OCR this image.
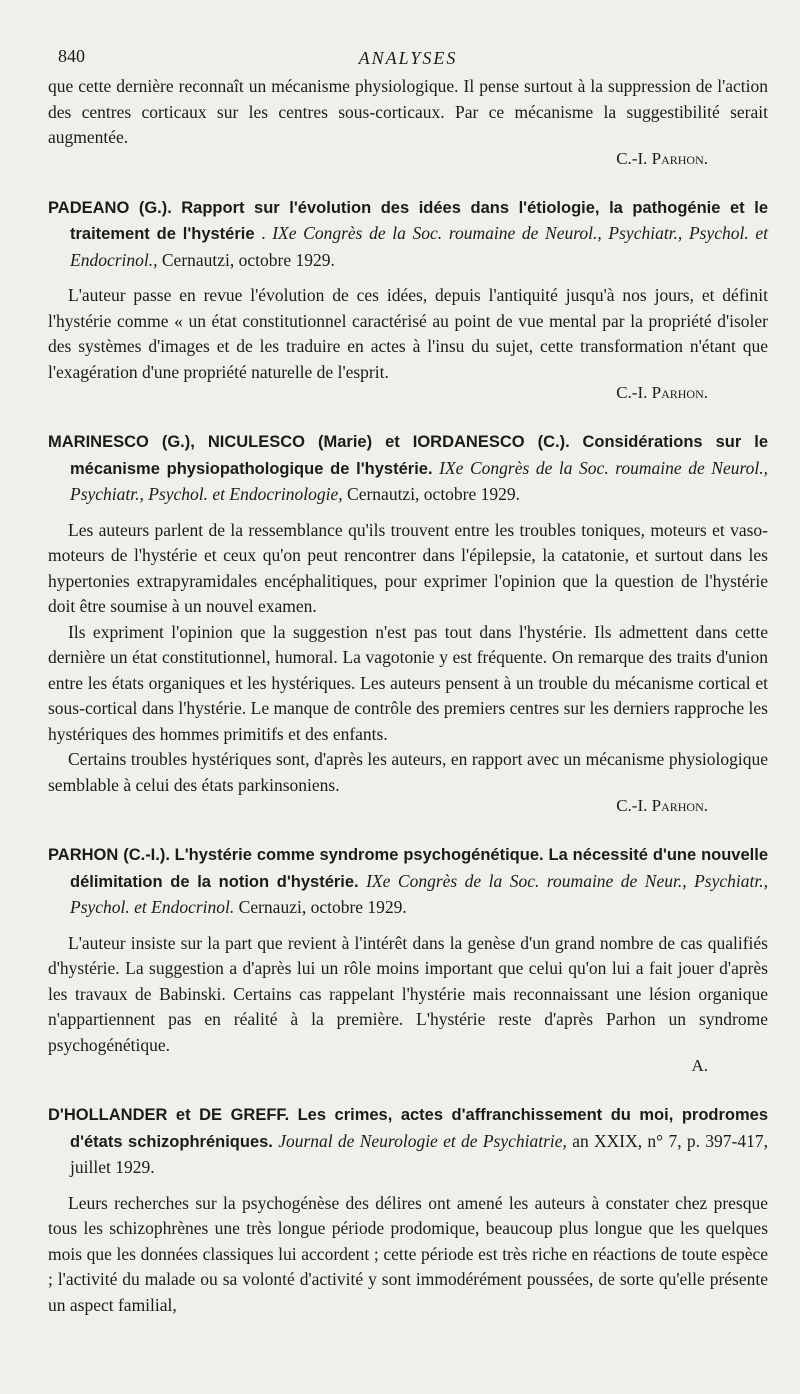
840	ANALYSES

que cette dernière reconnaît un mécanisme physiologique. Il pense surtout à la suppression de l'action des centres corticaux sur les centres sous-corticaux. Par ce mécanisme la suggestibilité serait augmentée.

C.-I. Parhon.

PADEANO (G.). Rapport sur l'évolution des idées dans l'étiologie, la pathogénie et le traitement de l'hystérie . IXe Congrès de la Soc. roumaine de Neurol., Psychiatr., Psychol. et Endocrinol., Cernautzi, octobre 1929.

L'auteur passe en revue l'évolution de ces idées, depuis l'antiquité jusqu'à nos jours, et définit l'hystérie comme « un état constitutionnel caractérisé au point de vue mental par la propriété d'isoler des systèmes d'images et de les traduire en actes à l'insu du sujet, cette transformation n'étant que l'exagération d'une propriété naturelle de l'esprit.

C.-I. Parhon.

MARINESCO (G.), NICULESCO (Marie) et IORDANESCO (C.). Considérations sur le mécanisme physiopathologique de l'hystérie. IXe Congrès de la Soc. roumaine de Neurol., Psychiatr., Psychol. et Endocrinologie, Cernautzi, octobre 1929.

Les auteurs parlent de la ressemblance qu'ils trouvent entre les troubles toniques, moteurs et vaso-moteurs de l'hystérie et ceux qu'on peut rencontrer dans l'épilepsie, la catatonie, et surtout dans les hypertonies extrapyramidales encéphalitiques, pour exprimer l'opinion que la question de l'hystérie doit être soumise à un nouvel examen.

Ils expriment l'opinion que la suggestion n'est pas tout dans l'hystérie. Ils admettent dans cette dernière un état constitutionnel, humoral. La vagotonie y est fréquente. On remarque des traits d'union entre les états organiques et les hystériques. Les auteurs pensent à un trouble du mécanisme cortical et sous-cortical dans l'hystérie. Le manque de contrôle des premiers centres sur les derniers rapproche les hystériques des hommes primitifs et des enfants.

Certains troubles hystériques sont, d'après les auteurs, en rapport avec un mécanisme physiologique semblable à celui des états parkinsoniens.

C.-I. Parhon.

PARHON (C.-I.). L'hystérie comme syndrome psychogénétique. La nécessité d'une nouvelle délimitation de la notion d'hystérie. IXe Congrès de la Soc. roumaine de Neur., Psychiatr., Psychol. et Endocrinol. Cernauzi, octobre 1929.

L'auteur insiste sur la part que revient à l'intérêt dans la genèse d'un grand nombre de cas qualifiés d'hystérie. La suggestion a d'après lui un rôle moins important que celui qu'on lui a fait jouer d'après les travaux de Babinski. Certains cas rappelant l'hystérie mais reconnaissant une lésion organique n'appartiennent pas en réalité à la première. L'hystérie reste d'après Parhon un syndrome psychogénétique.

A.

D'HOLLANDER et DE GREFF. Les crimes, actes d'affranchissement du moi, prodromes d'états schizophréniques. Journal de Neurologie et de Psychiatrie, an XXIX, n° 7, p. 397-417, juillet 1929.

Leurs recherches sur la psychogénèse des délires ont amené les auteurs à constater chez presque tous les schizophrènes une très longue période prodomique, beaucoup plus longue que les quelques mois que les données classiques lui accordent ; cette période est très riche en réactions de toute espèce ; l'activité du malade ou sa volonté d'activité y sont immodérément poussées, de sorte qu'elle présente un aspect familial,
